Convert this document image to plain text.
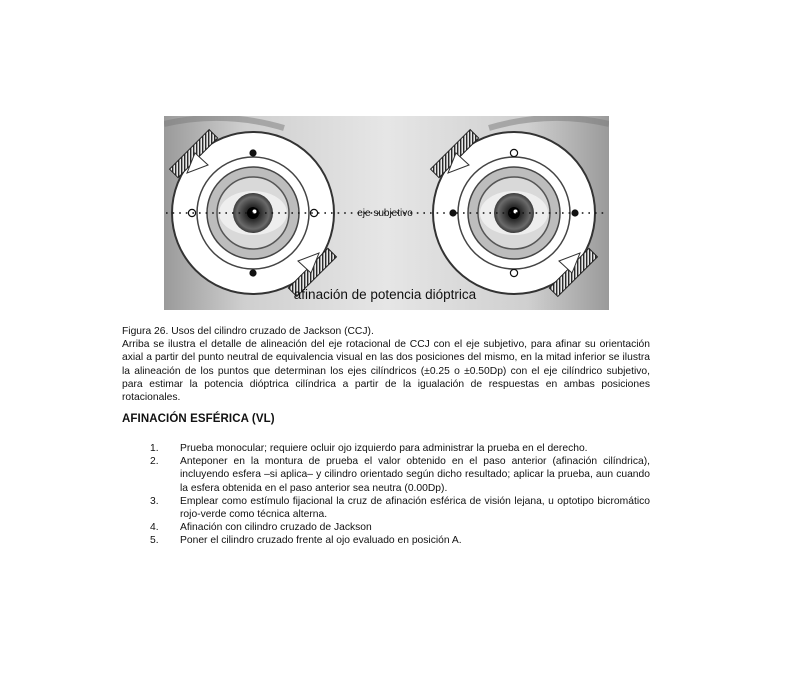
eje subjetivo
afinación de potencia dióptrica

Figura 26. Usos del cilindro cruzado de Jackson (CCJ).

Arriba se ilustra el detalle de alineación del eje rotacional de CCJ con el eje subjetivo, para afinar su orientación axial a partir del punto neutral de equivalencia visual en las dos posiciones del mismo, en la mitad inferior se ilustra la alineación de los puntos que determinan los ejes cilíndricos (±0.25 o ±0.50Dp) con el eje cilíndrico subjetivo, para estimar la potencia dióptrica cilíndrica a partir de la igualación de respuestas en ambas posiciones rotacionales.

AFINACIÓN ESFÉRICA (VL)
1. Prueba monocular; requiere ocluir ojo izquierdo para administrar la prueba en el derecho.
2. Anteponer en la montura de prueba el valor obtenido en el paso anterior (afinación cilíndrica), incluyendo esfera –si aplica– y cilindro orientado según dicho resultado; aplicar la prueba, aun cuando la esfera obtenida en el paso anterior sea neutra (0.00Dp).
3. Emplear como estímulo fijacional la cruz de afinación esférica de visión lejana, u optotipo bicromático rojo-verde como técnica alterna.
4. Afinación con cilindro cruzado de Jackson
5. Poner el cilindro cruzado frente al ojo evaluado en posición A.
